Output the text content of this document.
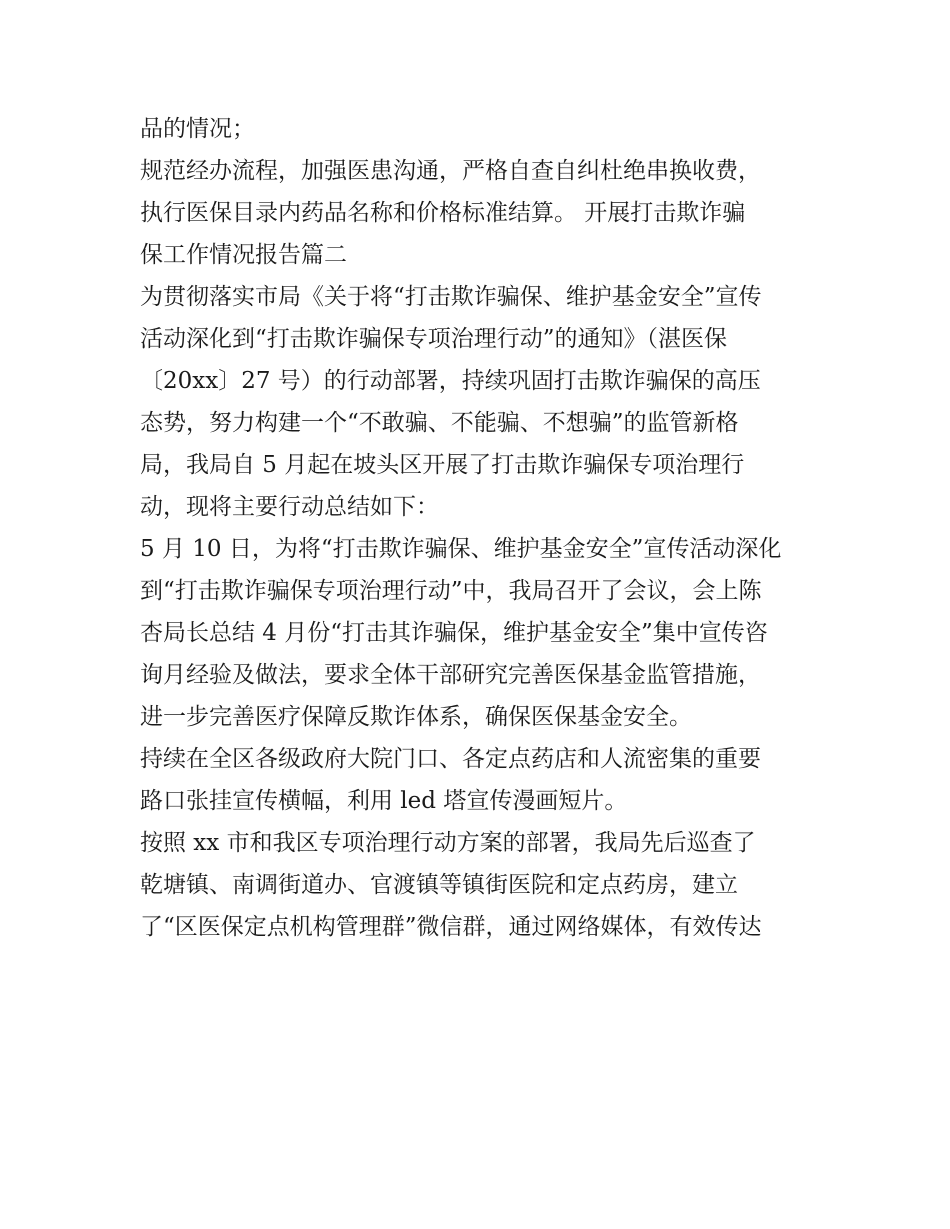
品的情况；
规范经办流程，加强医患沟通，严格自查自纠杜绝串换收费，
执行医保目录内药品名称和价格标准结算。 开展打击欺诈骗
保工作情况报告篇二
为贯彻落实市局《关于将“打击欺诈骗保、维护基金安全”宣传
活动深化到“打击欺诈骗保专项治理行动”的通知》（湛医保
〔20xx〕27 号）的行动部署，持续巩固打击欺诈骗保的高压
态势，努力构建一个“不敢骗、不能骗、不想骗”的监管新格
局，我局自 5 月起在坡头区开展了打击欺诈骗保专项治理行
动，现将主要行动总结如下：
5 月 10 日，为将“打击欺诈骗保、维护基金安全”宣传活动深化
到“打击欺诈骗保专项治理行动”中，我局召开了会议，会上陈
杏局长总结 4 月份“打击其诈骗保，维护基金安全”集中宣传咨
询月经验及做法，要求全体干部研究完善医保基金监管措施，
进一步完善医疗保障反欺诈体系，确保医保基金安全。
持续在全区各级政府大院门口、各定点药店和人流密集的重要
路口张挂宣传横幅，利用 led 塔宣传漫画短片。
按照 xx 市和我区专项治理行动方案的部署，我局先后巡查了
乾塘镇、南调街道办、官渡镇等镇街医院和定点药房，建立
了“区医保定点机构管理群”微信群，通过网络媒体，有效传达
